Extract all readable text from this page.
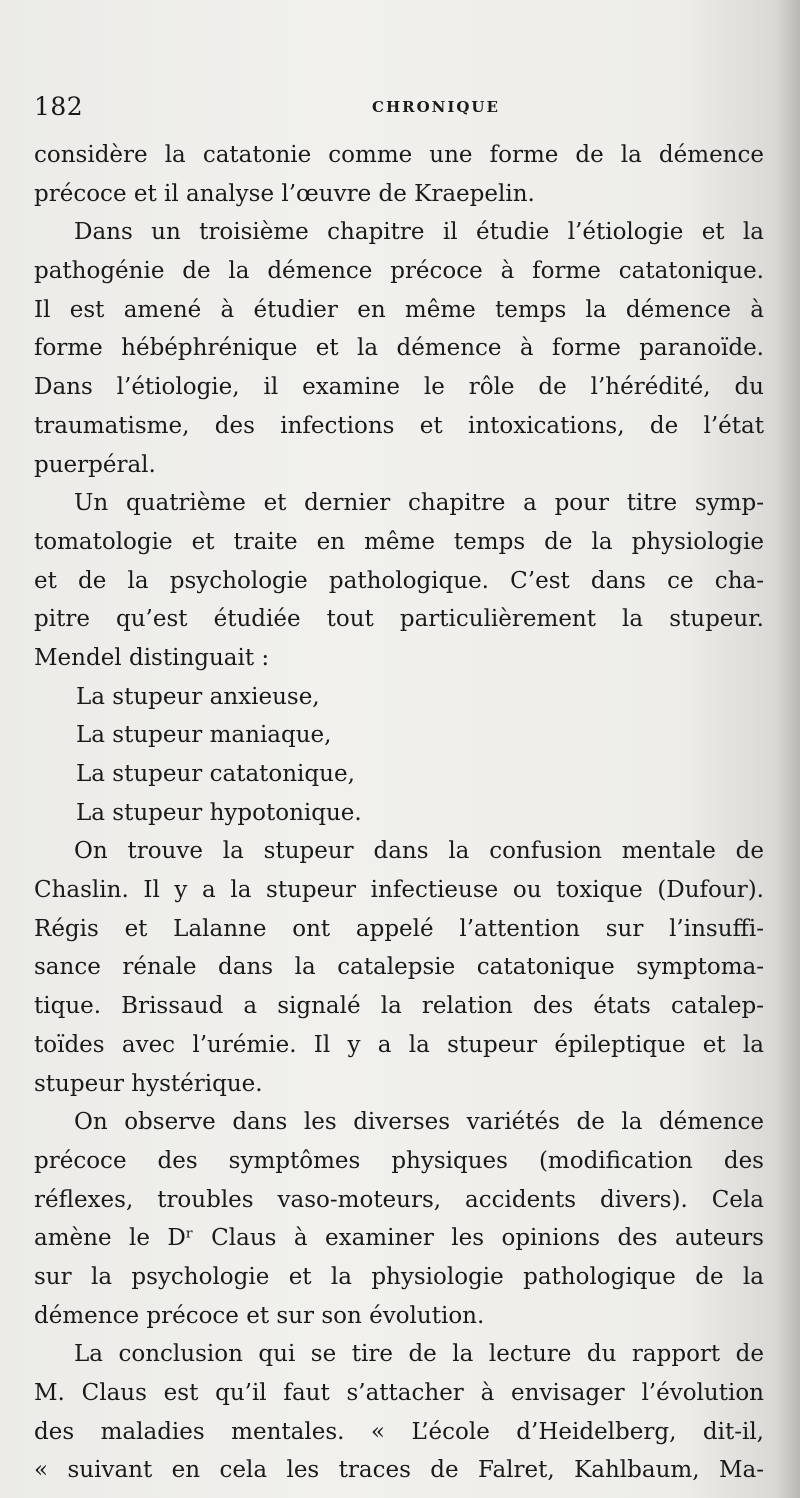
182	CHRONIQUE
considère la catatonie comme une forme de la démence
précoce et il analyse l’œuvre de Kraepelin.
Dans un troisième chapitre il étudie l’étiologie et la
pathogénie de la démence précoce à forme catatonique.
Il est amené à étudier en même temps la démence à
forme hébéphrénique et la démence à forme paranoïde.
Dans l’étiologie, il examine le rôle de l’hérédité, du
traumatisme, des infections et intoxications, de l’état
puerpéral.
Un quatrième et dernier chapitre a pour titre symp-
tomatologie et traite en même temps de la physiologie
et de la psychologie pathologique. C’est dans ce cha-
pitre qu’est étudiée tout particulièrement la stupeur.
Mendel distinguait :
La stupeur anxieuse,
La stupeur maniaque,
La stupeur catatonique,
La stupeur hypotonique.
On trouve la stupeur dans la confusion mentale de
Chaslin. Il y a la stupeur infectieuse ou toxique (Dufour).
Régis et Lalanne ont appelé l’attention sur l’insuffi-
sance rénale dans la catalepsie catatonique symptoma-
tique. Brissaud a signalé la relation des états catalep-
toïdes avec l’urémie. Il y a la stupeur épileptique et la
stupeur hystérique.
On observe dans les diverses variétés de la démence
précoce des symptômes physiques (modification des
réflexes, troubles vaso-moteurs, accidents divers). Cela
amène le Dʳ Claus à examiner les opinions des auteurs
sur la psychologie et la physiologie pathologique de la
démence précoce et sur son évolution.
La conclusion qui se tire de la lecture du rapport de
M. Claus est qu’il faut s’attacher à envisager l’évolution
des maladies mentales. « L’école d’Heidelberg, dit-il,
« suivant en cela les traces de Falret, Kahlbaum, Ma-
